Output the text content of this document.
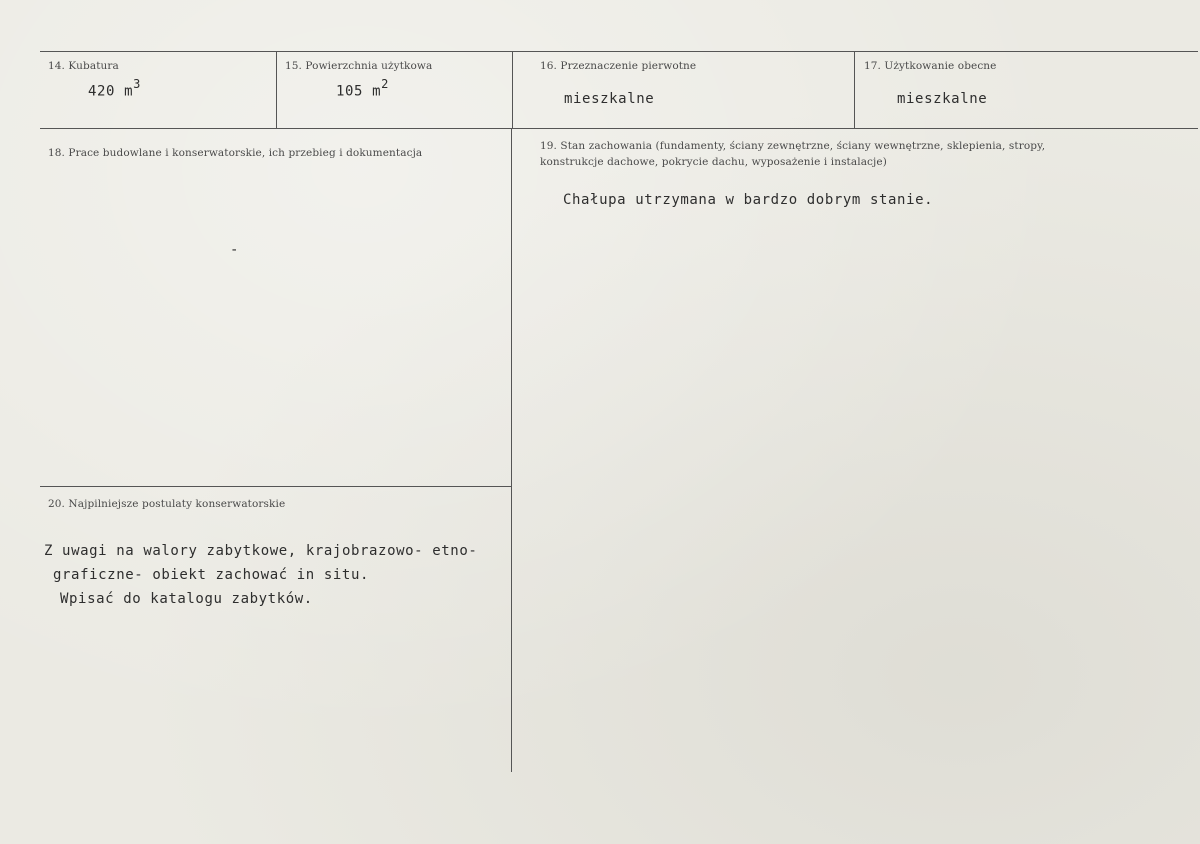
14. Kubatura
420 $m^3$
15. Powierzchnia użytkowa
105 $m^2$
16. Przeznaczenie pierwotne
mieszkalne
17. Użytkowanie obecne
mieszkalne
18. Prace budowlane i konserwatorskie, ich przebieg i dokumentacja
-
19. Stan zachowania (fundamenty, ściany zewnętrzne, ściany wewnętrzne, sklepienia, stropy,
konstrukcje dachowe, pokrycie dachu, wyposażenie i instalacje)
Chałupa utrzymana w bardzo dobrym stanie.
20. Najpilniejsze postulaty konserwatorskie
Z uwagi na walory zabytkowe, krajobrazowo- etno-
graficzne- obiekt zachować in situ.
Wpisać do katalogu zabytków.
